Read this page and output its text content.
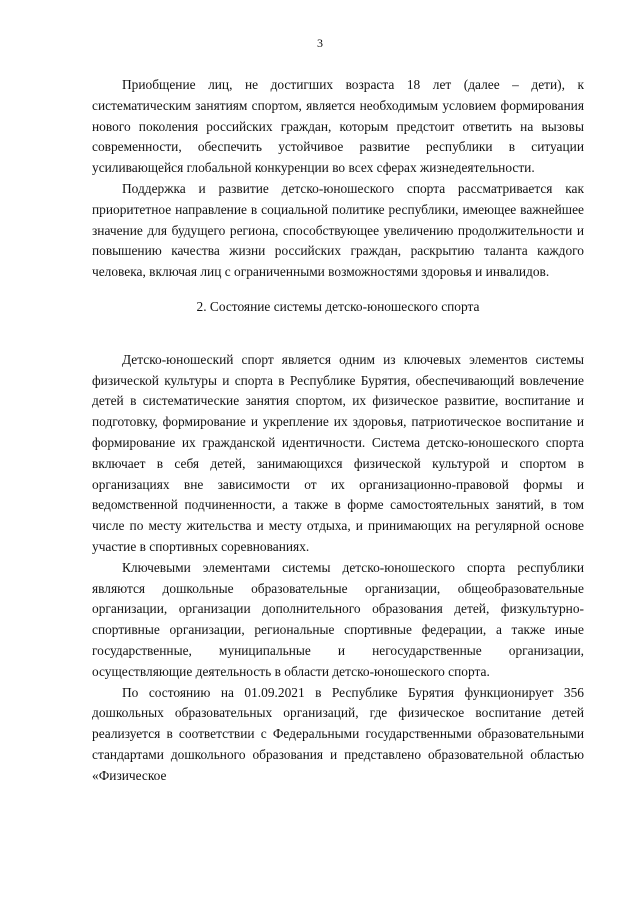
3

Приобщение лиц, не достигших возраста 18 лет (далее – дети), к систематическим занятиям спортом, является необходимым условием формирования нового поколения российских граждан, которым предстоит ответить на вызовы современности, обеспечить устойчивое развитие республики в ситуации усиливающейся глобальной конкуренции во всех сферах жизнедеятельности.

Поддержка и развитие детско-юношеского спорта рассматривается как приоритетное направление в социальной политике республики, имеющее важнейшее значение для будущего региона, способствующее увеличению продолжительности и повышению качества жизни российских граждан, раскрытию таланта каждого человека, включая лиц с ограниченными возможностями здоровья и инвалидов.

2. Состояние системы детско-юношеского спорта

Детско-юношеский спорт является одним из ключевых элементов системы физической культуры и спорта в Республике Бурятия, обеспечивающий вовлечение детей в систематические занятия спортом, их физическое развитие, воспитание и подготовку, формирование и укрепление их здоровья, патриотическое воспитание и формирование их гражданской идентичности. Система детско-юношеского спорта включает в себя детей, занимающихся физической культурой и спортом в организациях вне зависимости от их организационно-правовой формы и ведомственной подчиненности, а также в форме самостоятельных занятий, в том числе по месту жительства и месту отдыха, и принимающих на регулярной основе участие в спортивных соревнованиях.

Ключевыми элементами системы детско-юношеского спорта республики являются дошкольные образовательные организации, общеобразовательные организации, организации дополнительного образования детей, физкультурно-спортивные организации, региональные спортивные федерации, а также иные государственные, муниципальные и негосударственные организации, осуществляющие деятельность в области детско-юношеского спорта.

По состоянию на 01.09.2021 в Республике Бурятия функционирует 356 дошкольных образовательных организаций, где физическое воспитание детей реализуется в соответствии с Федеральными государственными образовательными стандартами дошкольного образования и представлено образовательной областью «Физическое
